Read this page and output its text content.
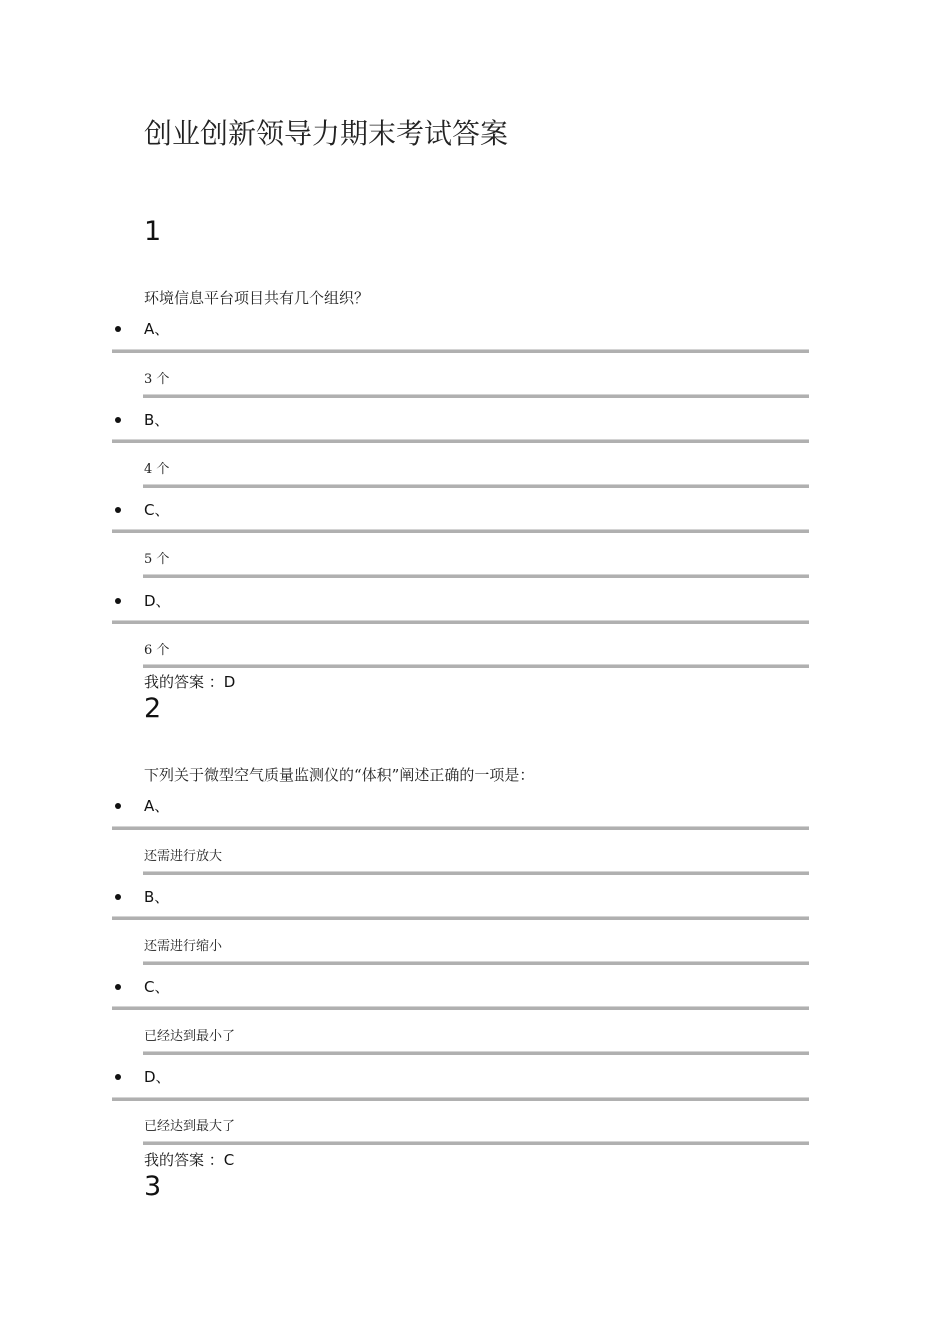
创业创新领导力期末考试答案
1
环境信息平台项目共有几个组织？
A、
3 个
B、
4 个
C、
5 个
D、
6 个
我的答案 ：D
2
下列关于微型空气质量监测仪的“体积”阐述正确的一项是：
A、
还需进行放大
B、
还需进行缩小
C、
已经达到最小了
D、
已经达到最大了
我的答案 ：C
3
